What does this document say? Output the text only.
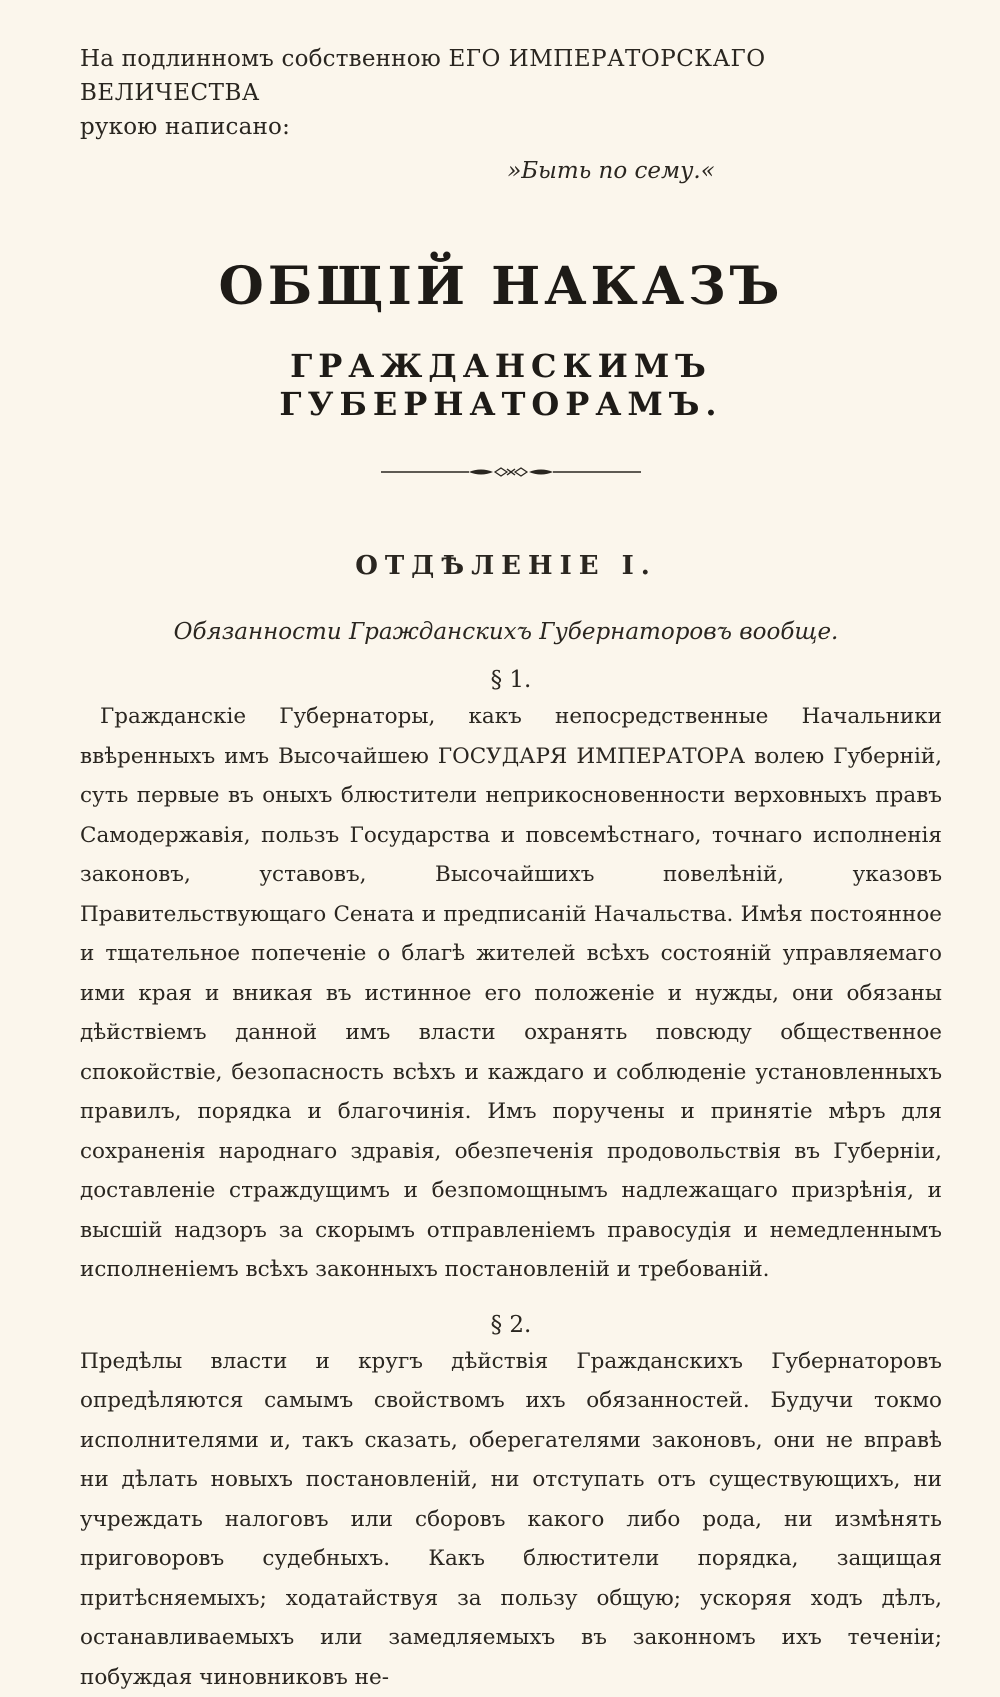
На подлинномъ собственною ЕГО ИМПЕРАТОРСКАГО ВЕЛИЧЕСТВА
рукою написано:

»Быть по сему.«
ОБЩІЙ НАКАЗЪ
ГРАЖДАНСКИМЪ ГУБЕРНАТОРАМЪ.
ОТДѢЛЕНІЕ I.
Обязанности Гражданскихъ Губернаторовъ вообще.
§ 1.

Гражданскіе Губернаторы, какъ непосредственные Начальники ввѣренныхъ имъ Высочайшею ГОСУДАРЯ ИМПЕРАТОРА волею Губерній, суть первые въ оныхъ блюстители неприкосновенности верховныхъ правъ Самодержавія, пользъ Государства и повсемѣстнаго, точнаго исполненія законовъ, уставовъ, Высочайшихъ повелѣній, указовъ Правительствующаго Сената и предписаній Начальства. Имѣя постоянное и тщательное попеченіе о благѣ жителей всѣхъ состояній управляемаго ими края и вникая въ истинное его положеніе и нужды, они обязаны дѣйствіемъ данной имъ власти охранять повсюду общественное спокойствіе, безопасность всѣхъ и каждаго и соблюденіе установленныхъ правилъ, порядка и благочинія. Имъ поручены и принятіе мѣръ для сохраненія народнаго здравія, обезпеченія продовольствія въ Губерніи, доставленіе страждущимъ и безпомощнымъ надлежащаго призрѣнія, и высшій надзоръ за скорымъ отправленіемъ правосудія и немедленнымъ исполненіемъ всѣхъ законныхъ постановленій и требованій.

§ 2.

Предѣлы власти и кругъ дѣйствія Гражданскихъ Губернаторовъ опредѣляются самымъ свойствомъ ихъ обязанностей. Будучи токмо исполнителями и, такъ сказать, оберегателями законовъ, они не вправѣ ни дѣлать новыхъ постановленій, ни отступать отъ существующихъ, ни учреждать налоговъ или сборовъ какого либо рода, ни измѣнять приговоровъ судебныхъ. Какъ блюстители порядка, защищая притѣсняемыхъ; ходатайствуя за пользу общую; ускоряя ходъ дѣлъ, останавливаемыхъ или замедляемыхъ въ законномъ ихъ теченіи; побуждая чиновниковъ не-
